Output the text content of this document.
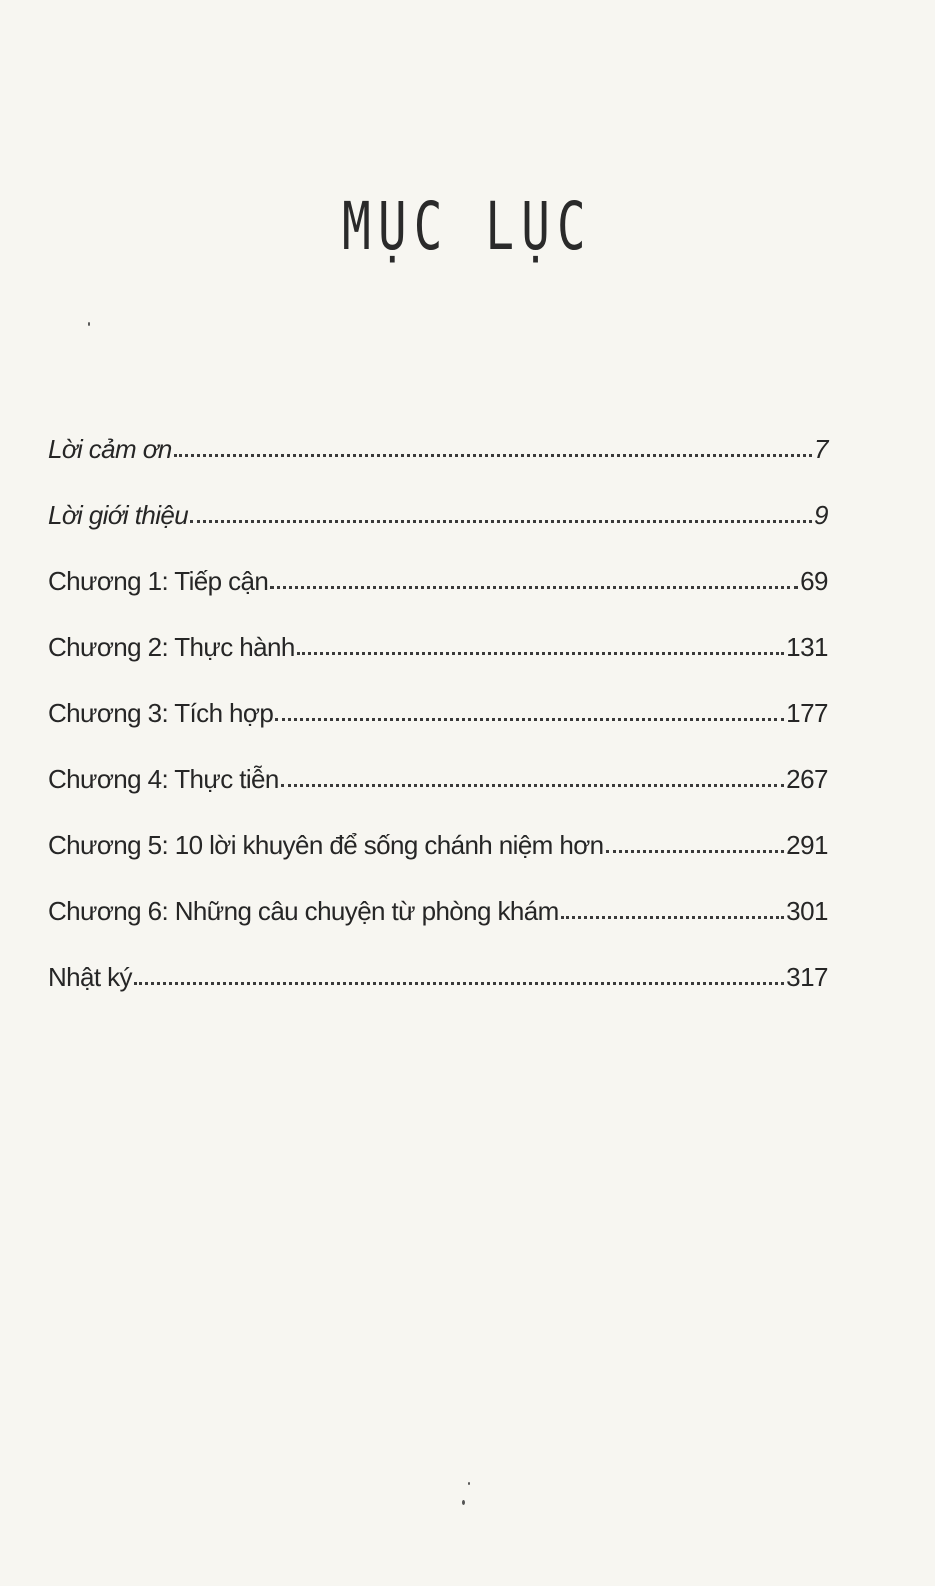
MỤC LỤC
Lời cảm ơn	7
Lời giới thiệu	9
Chương 1: Tiếp cận	69
Chương 2: Thực hành	131
Chương 3: Tích hợp	177
Chương 4: Thực tiễn	267
Chương 5: 10 lời khuyên để sống chánh niệm hơn	291
Chương 6: Những câu chuyện từ phòng khám	301
Nhật ký	317
